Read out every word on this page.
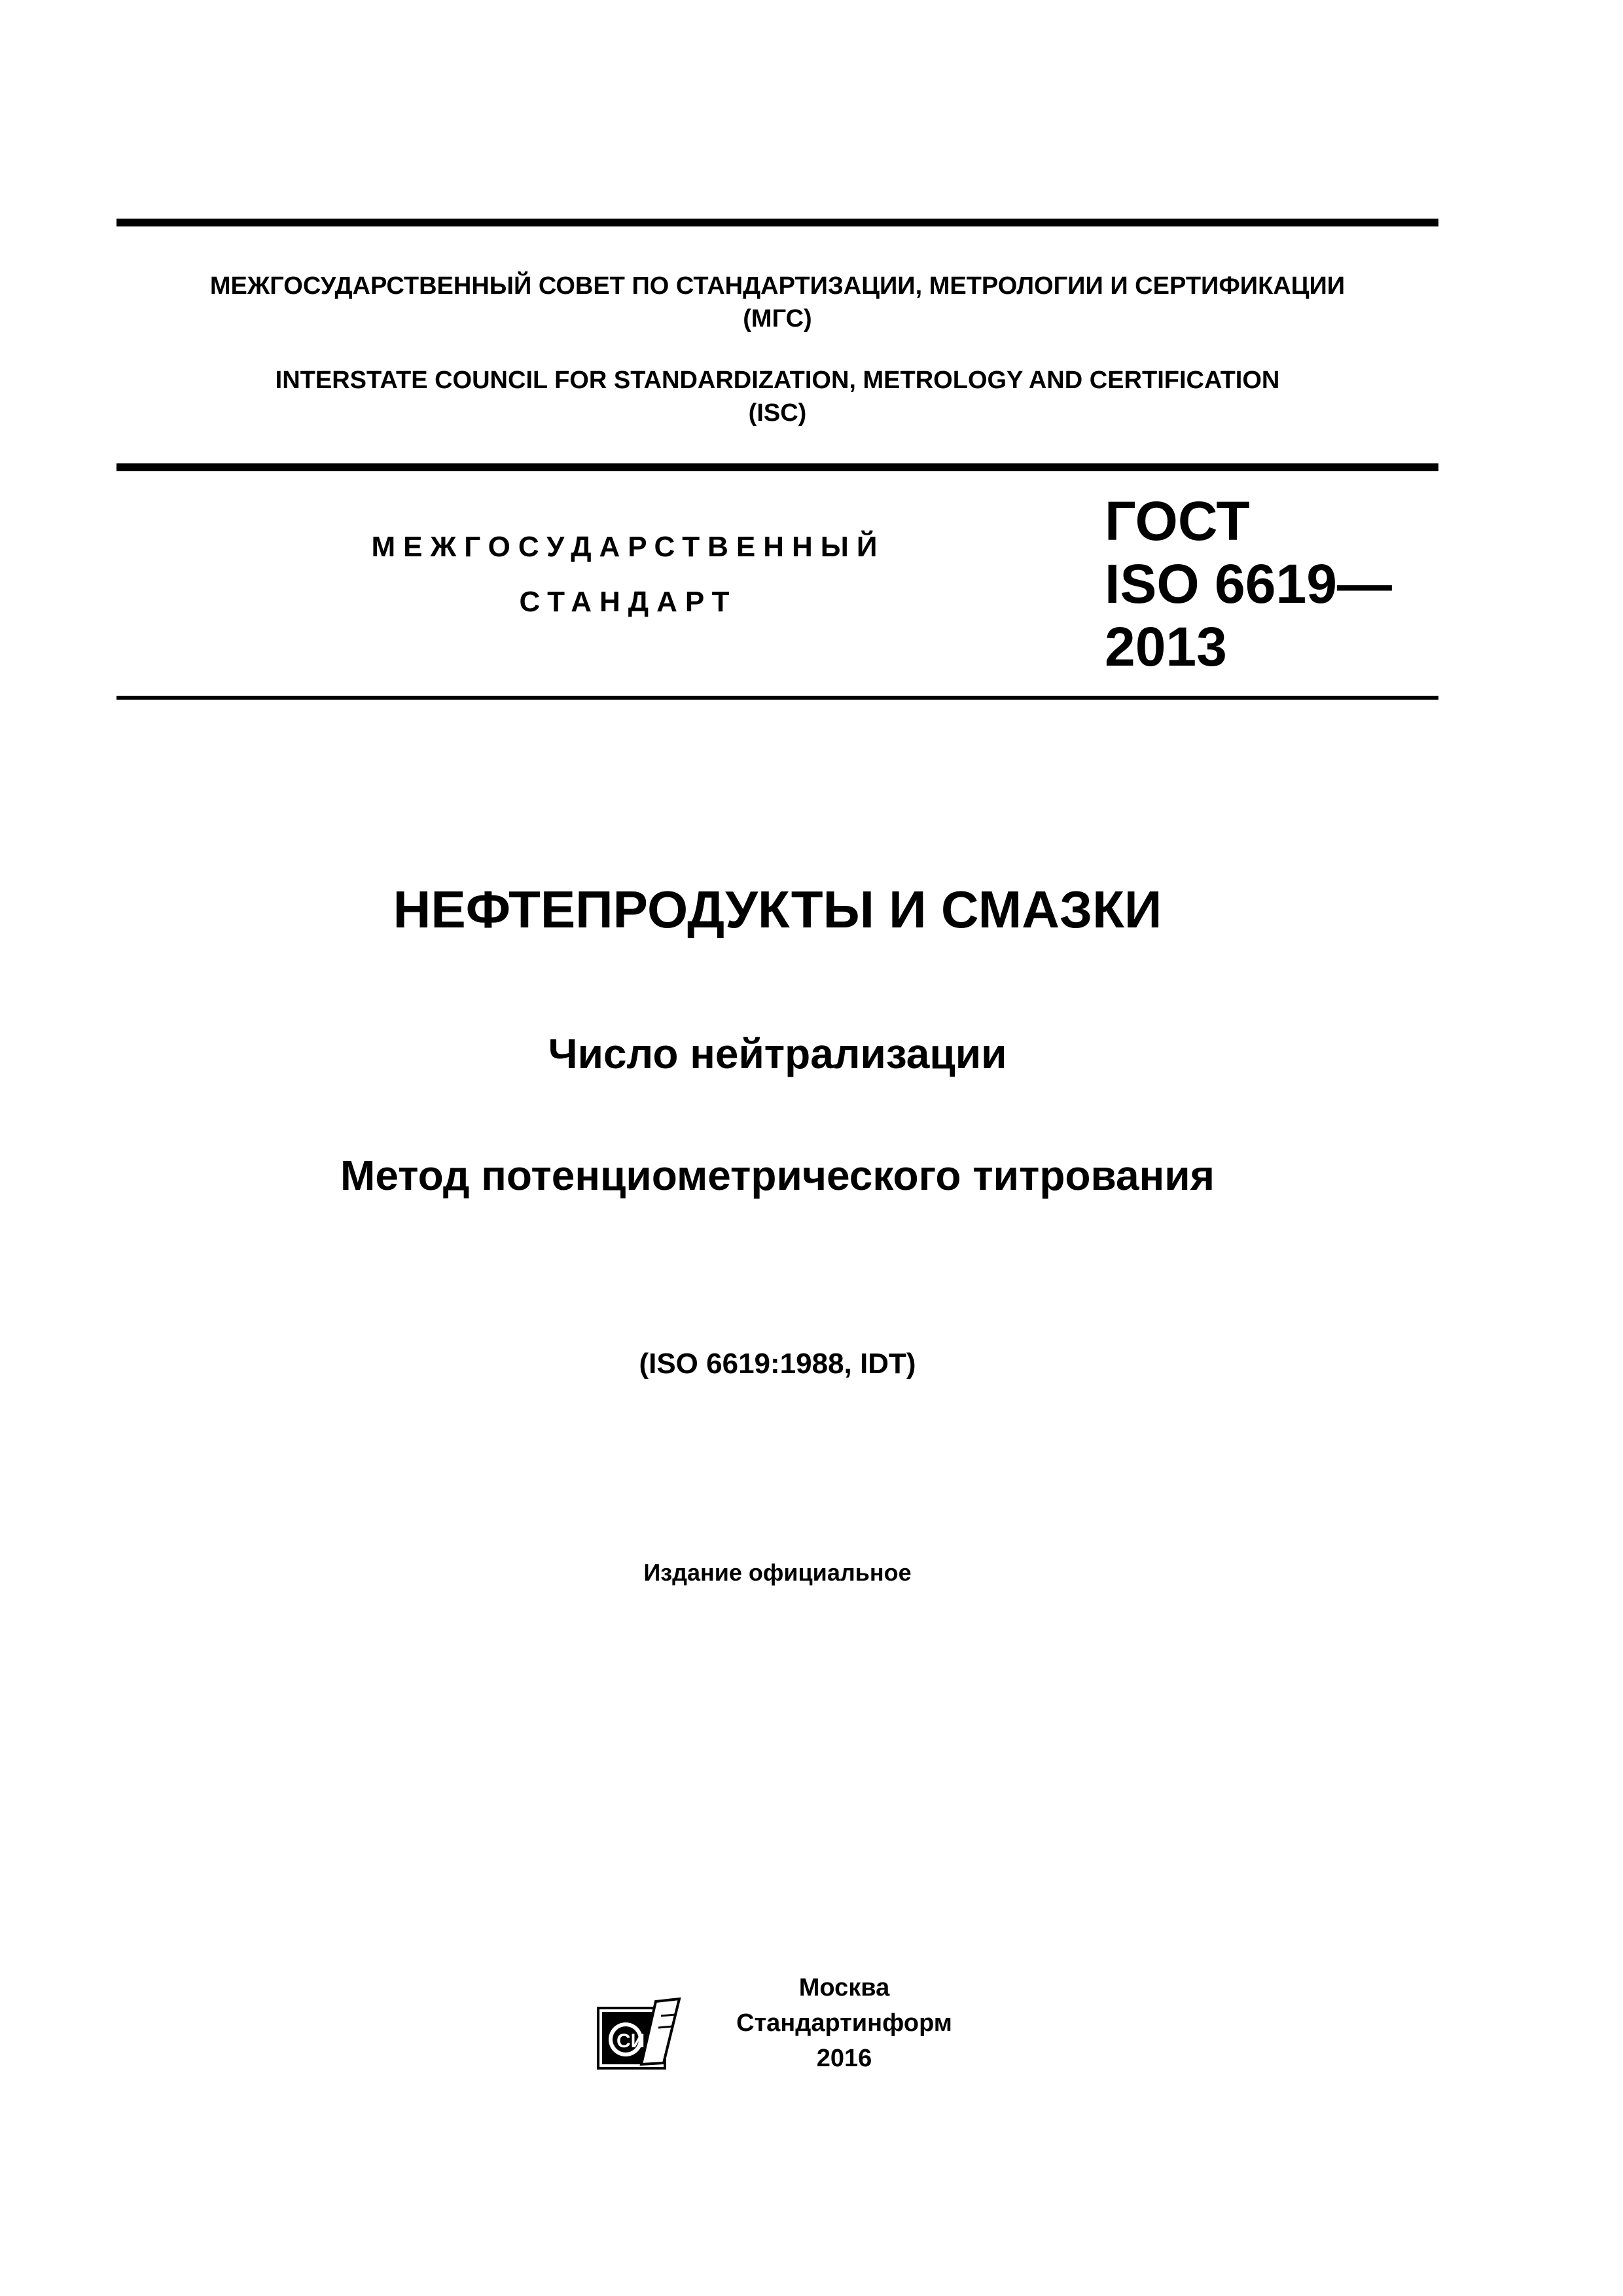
МЕЖГОСУДАРСТВЕННЫЙ СОВЕТ ПО СТАНДАРТИЗАЦИИ, МЕТРОЛОГИИ И СЕРТИФИКАЦИИ
(МГС)
INTERSTATE COUNCIL FOR STANDARDIZATION, METROLOGY AND CERTIFICATION
(ISC)
МЕЖГОСУДАРСТВЕННЫЙ
СТАНДАРТ
ГОСТ
ISO 6619—
2013
НЕФТЕПРОДУКТЫ И СМАЗКИ
Число нейтрализации
Метод потенциометрического титрования
(ISO 6619:1988, IDT)
Издание официальное
СИ
Москва
Стандартинформ
2016
